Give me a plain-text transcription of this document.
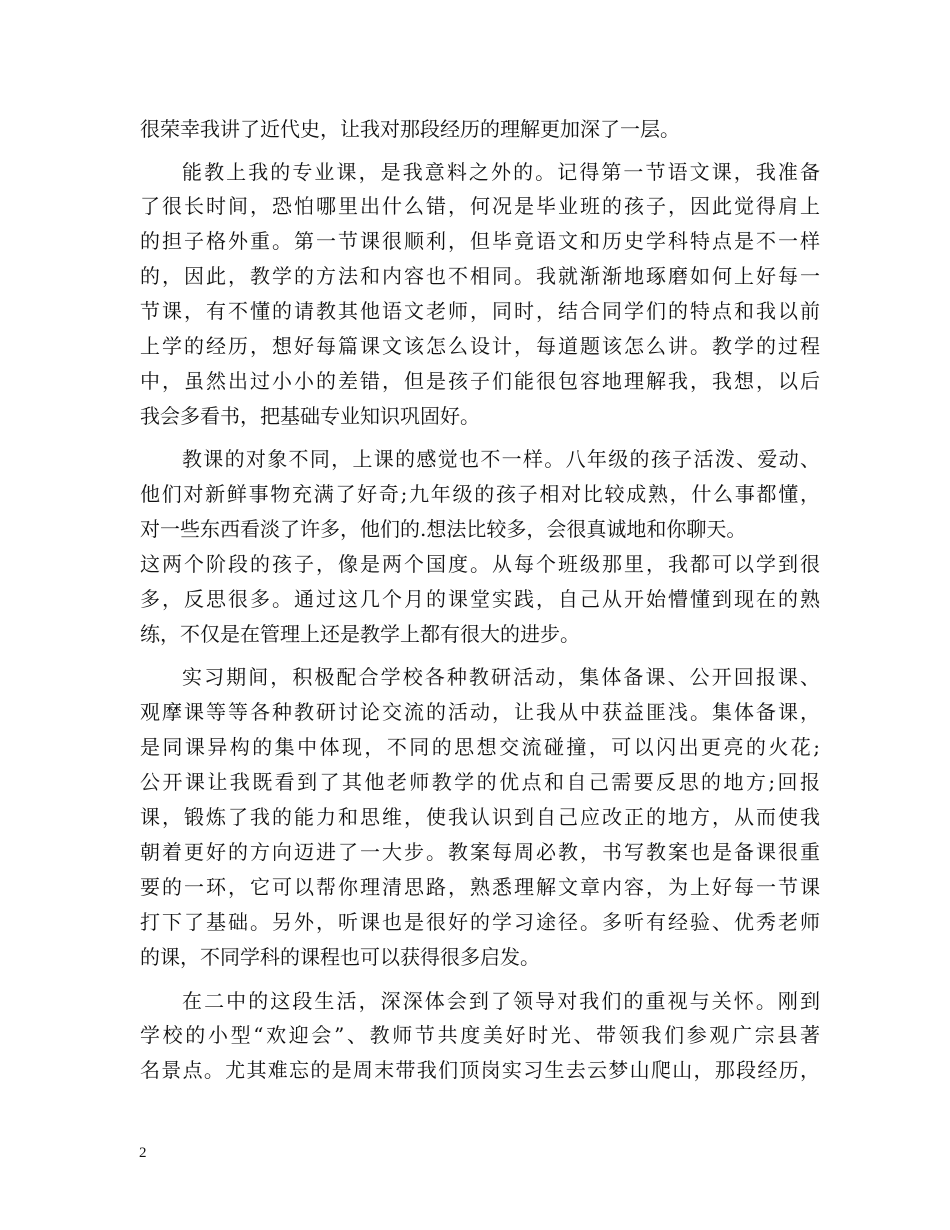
很荣幸我讲了近代史，让我对那段经历的理解更加深了一层。
能教上我的专业课，是我意料之外的。记得第一节语文课，我准备
了很长时间，恐怕哪里出什么错，何况是毕业班的孩子，因此觉得肩上
的担子格外重。第一节课很顺利，但毕竟语文和历史学科特点是不一样
的，因此，教学的方法和内容也不相同。我就渐渐地琢磨如何上好每一
节课，有不懂的请教其他语文老师，同时，结合同学们的特点和我以前
上学的经历，想好每篇课文该怎么设计，每道题该怎么讲。教学的过程
中，虽然出过小小的差错，但是孩子们能很包容地理解我，我想，以后
我会多看书，把基础专业知识巩固好。
教课的对象不同，上课的感觉也不一样。八年级的孩子活泼、爱动、
他们对新鲜事物充满了好奇;九年级的孩子相对比较成熟，什么事都懂，
对一些东西看淡了许多，他们的.想法比较多，会很真诚地和你聊天。
这两个阶段的孩子，像是两个国度。从每个班级那里，我都可以学到很
多，反思很多。通过这几个月的课堂实践，自己从开始懵懂到现在的熟
练，不仅是在管理上还是教学上都有很大的进步。
实习期间，积极配合学校各种教研活动，集体备课、公开回报课、
观摩课等等各种教研讨论交流的活动，让我从中获益匪浅。集体备课，
是同课异构的集中体现，不同的思想交流碰撞，可以闪出更亮的火花;
公开课让我既看到了其他老师教学的优点和自己需要反思的地方;回报
课，锻炼了我的能力和思维，使我认识到自己应改正的地方，从而使我
朝着更好的方向迈进了一大步。教案每周必教，书写教案也是备课很重
要的一环，它可以帮你理清思路，熟悉理解文章内容，为上好每一节课
打下了基础。另外，听课也是很好的学习途径。多听有经验、优秀老师
的课，不同学科的课程也可以获得很多启发。
在二中的这段生活，深深体会到了领导对我们的重视与关怀。刚到
学校的小型“欢迎会”、教师节共度美好时光、带领我们参观广宗县著
名景点。尤其难忘的是周末带我们顶岗实习生去云梦山爬山，那段经历，
2
